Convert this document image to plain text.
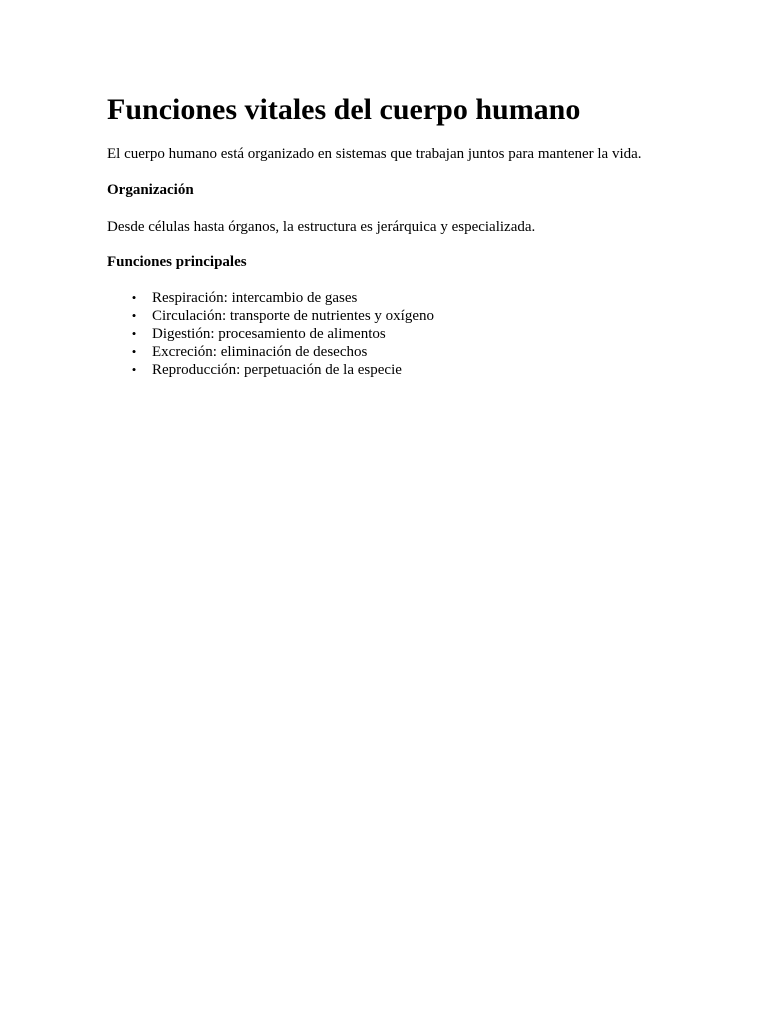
Funciones vitales del cuerpo humano

El cuerpo humano está organizado en sistemas que trabajan juntos para mantener la vida.

Organización

Desde células hasta órganos, la estructura es jerárquica y especializada.

Funciones principales

• Respiración: intercambio de gases
• Circulación: transporte de nutrientes y oxígeno
• Digestión: procesamiento de alimentos
• Excreción: eliminación de desechos
• Reproducción: perpetuación de la especie
